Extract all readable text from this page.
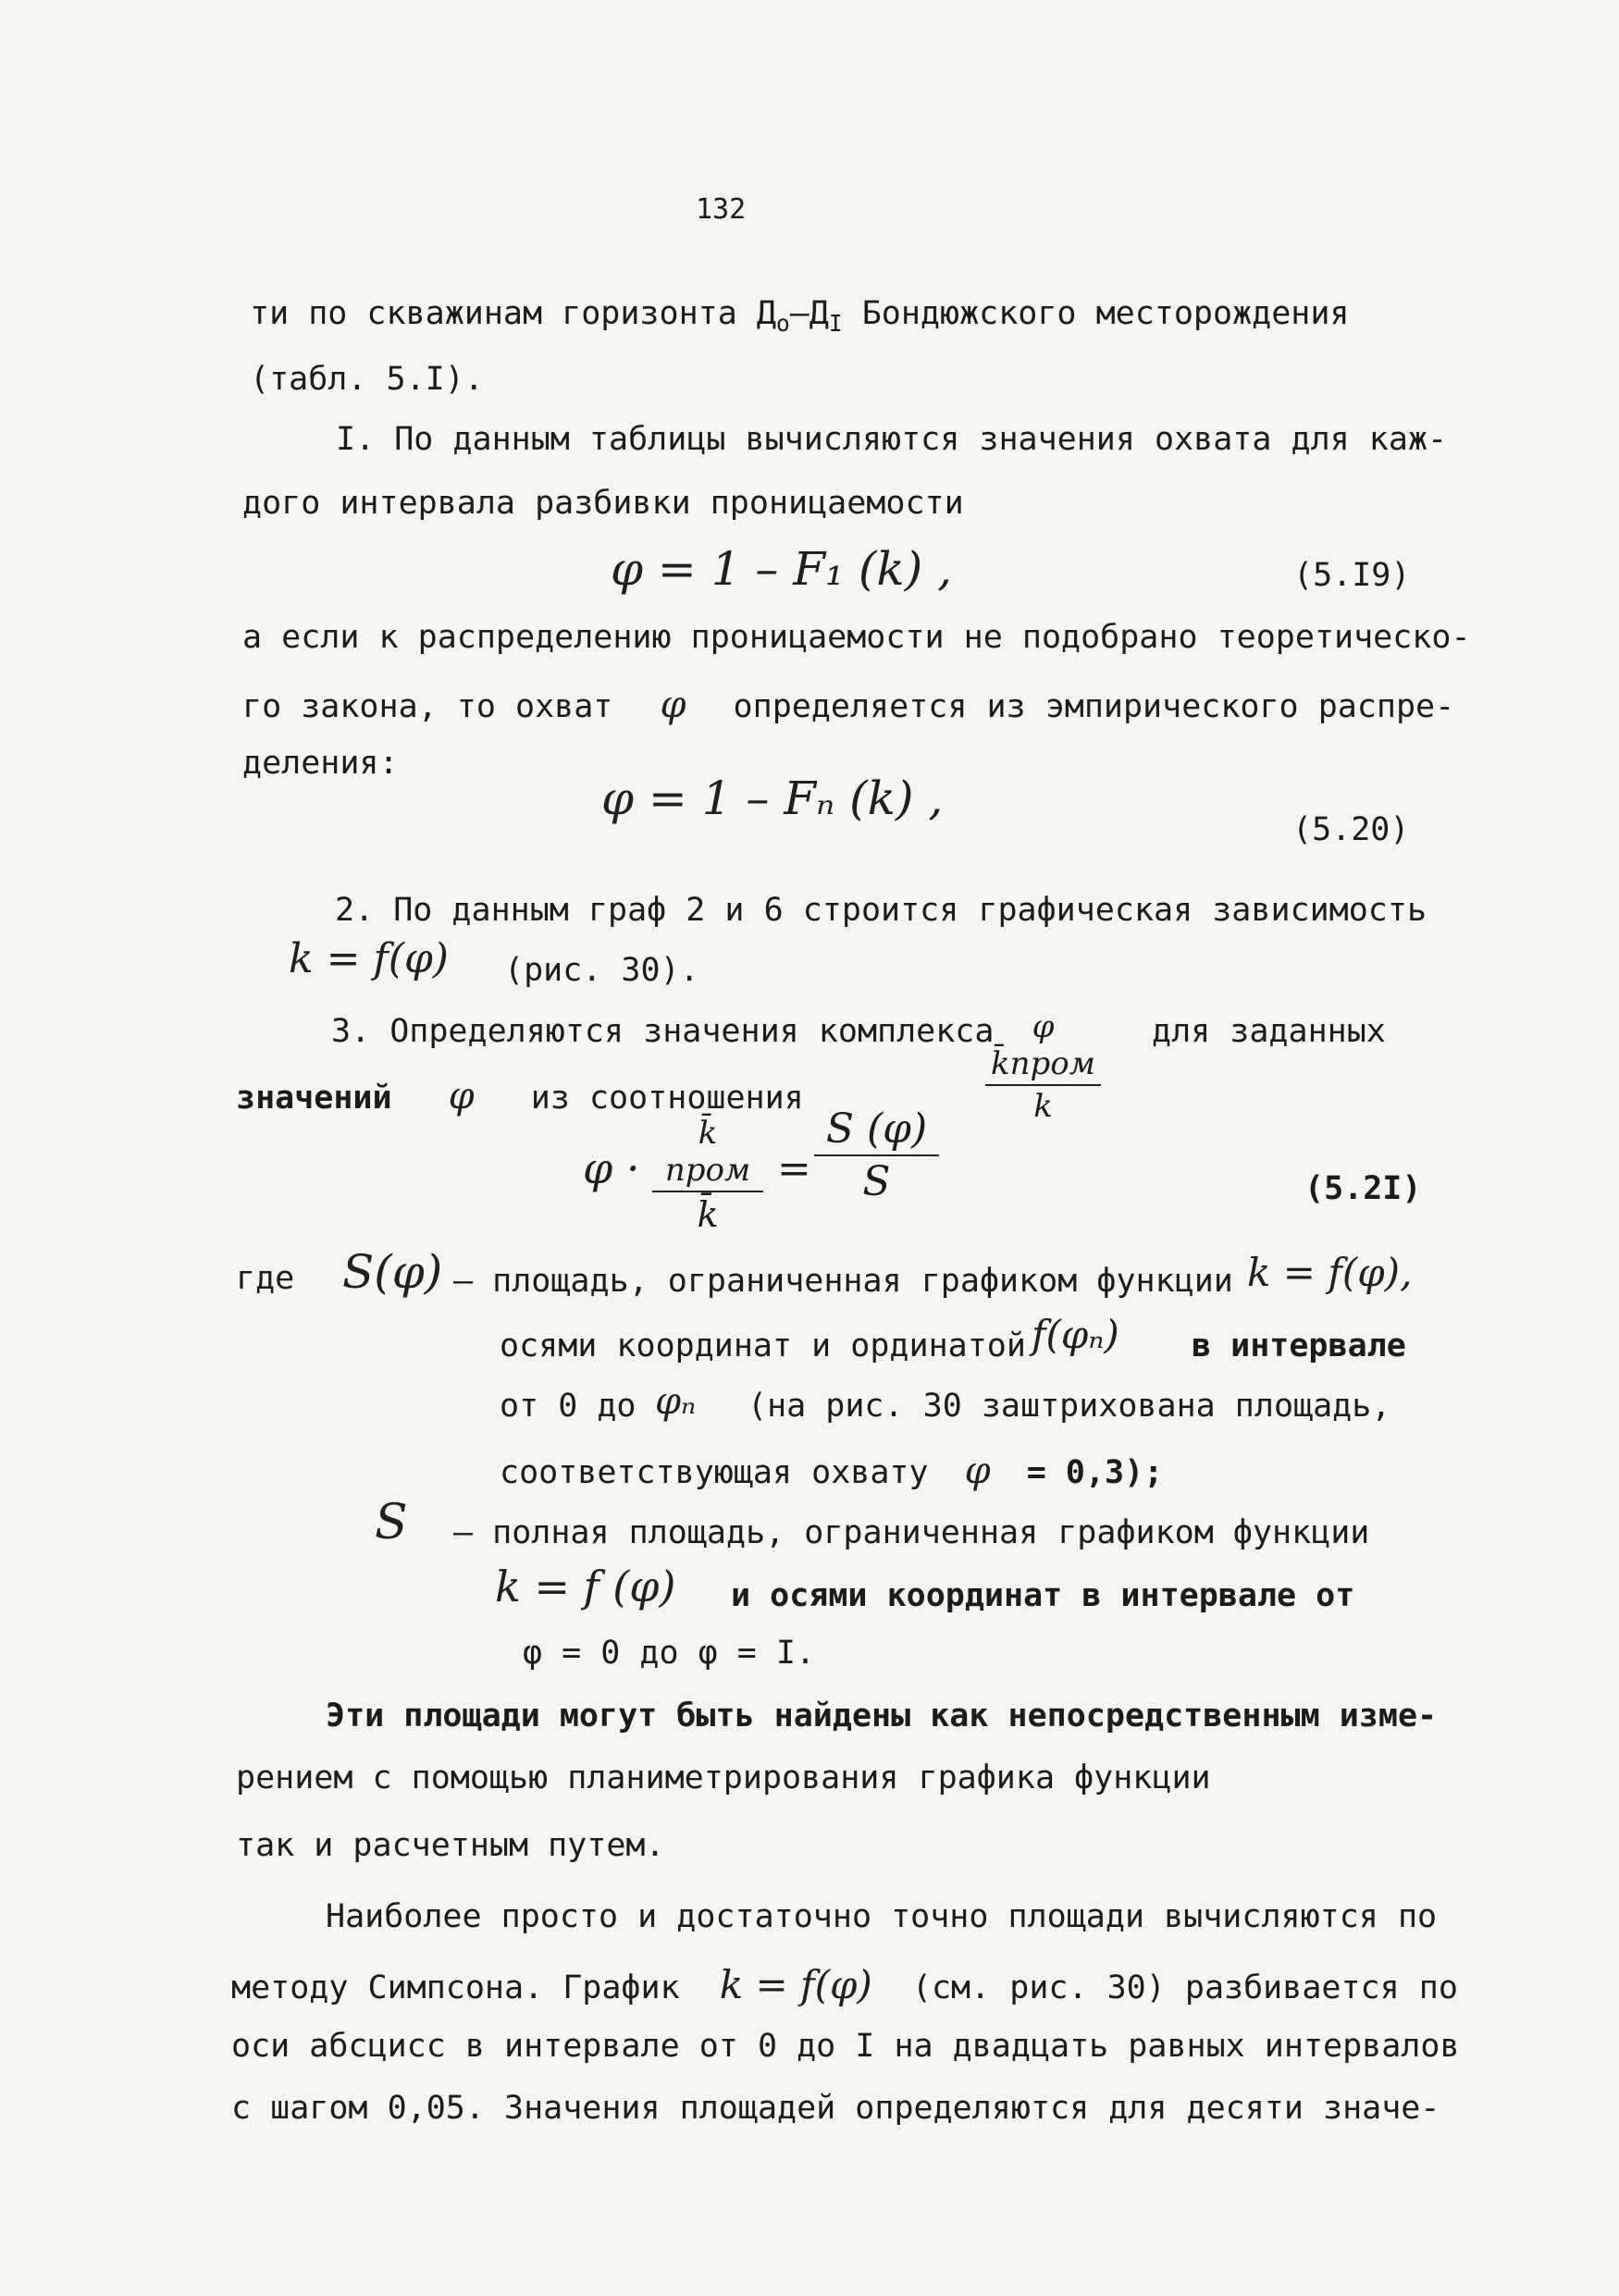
132
ти по скважинам горизонта $Д_о-Д_I$ Бондюжского месторождения
(табл. 5.I).
I. По данным таблицы вычисляются значения охвата для каж-
дого интервала разбивки проницаемости
φ = 1 – F₁ (k) ,	(5.I9)
а если к распределению проницаемости не подобрано теоретическо-
го закона, то охват φ определяется из эмпирического распре-
деления:
φ = 1 – Fₙ (k) ,
(5.20)
2. По данным граф 2 и 6 строится графическая зависимость
k = f(φ) (рис. 30).
3. Определяются значения комплекса	φ k̄пром
k
для заданных
значений φ из соотношения
φ ·
k̄ пром
k̄
=
S (φ)
S	(5.2I)
где S(φ) – площадь, ограниченная графиком функции k = f(φ),
осями координат и ординатой f(φₙ) в интервале
от 0 до φₙ (на рис. 30 заштрихована площадь,
соответствующая охвату φ = 0,3);
S – полная площадь, ограниченная графиком функции
k = f (φ) и осями координат в интервале от
φ = 0 до φ = I.
Эти площади могут быть найдены как непосредственным изме-
рением с помощью планиметрирования графика функции
так и расчетным путем.
Наиболее просто и достаточно точно площади вычисляются по
методу Симпсона. График k = f(φ) (см. рис. 30) разбивается по
оси абсцисс в интервале от 0 до I на двадцать равных интервалов
с шагом 0,05. Значения площадей определяются для десяти значе-
